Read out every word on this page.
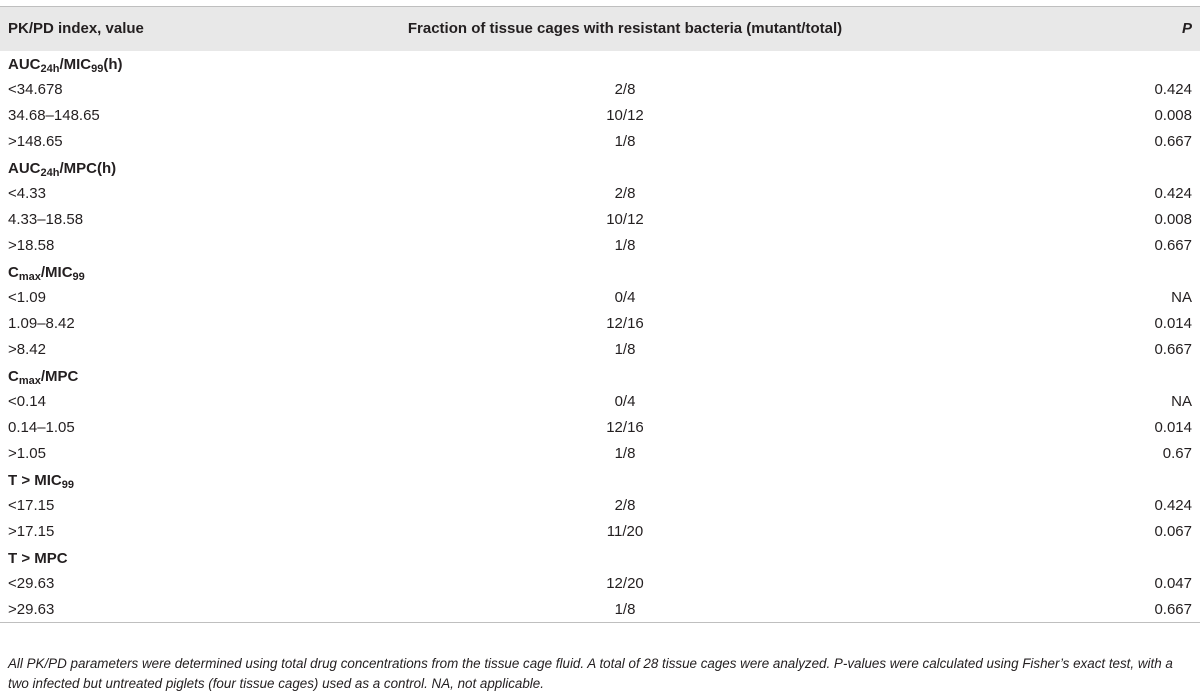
PK/PD index, value	Fraction of tissue cages with resistant bacteria (mutant/total)	P
$AUC_{24h}/MIC_{99}(h)$		
<34.678	2/8	0.424
34.68–148.65	10/12	0.008
>148.65	1/8	0.667
$AUC_{24h}/MPC(h)$		
<4.33	2/8	0.424
4.33–18.58	10/12	0.008
>18.58	1/8	0.667
$C_{max}/MIC_{99}$
<1.09	0/4	NA
1.09–8.42	12/16	0.014
>8.42	1/8	0.667
$C_{max}$/MPC		
<0.14	0/4	NA
0.14–1.05	12/16	0.014
>1.05	1/8	0.67
$T > MIC_{99}$
<17.15	2/8	0.424
>17.15	11/20	0.067
T > MPC		
<29.63	12/20	0.047
>29.63	1/8	0.667
All PK/PD parameters were determined using total drug concentrations from the tissue cage fluid. A total of 28 tissue cages were analyzed. P-values were calculated using Fisher’s exact test, with a two infected but untreated piglets (four tissue cages) used as a control. NA, not applicable.
